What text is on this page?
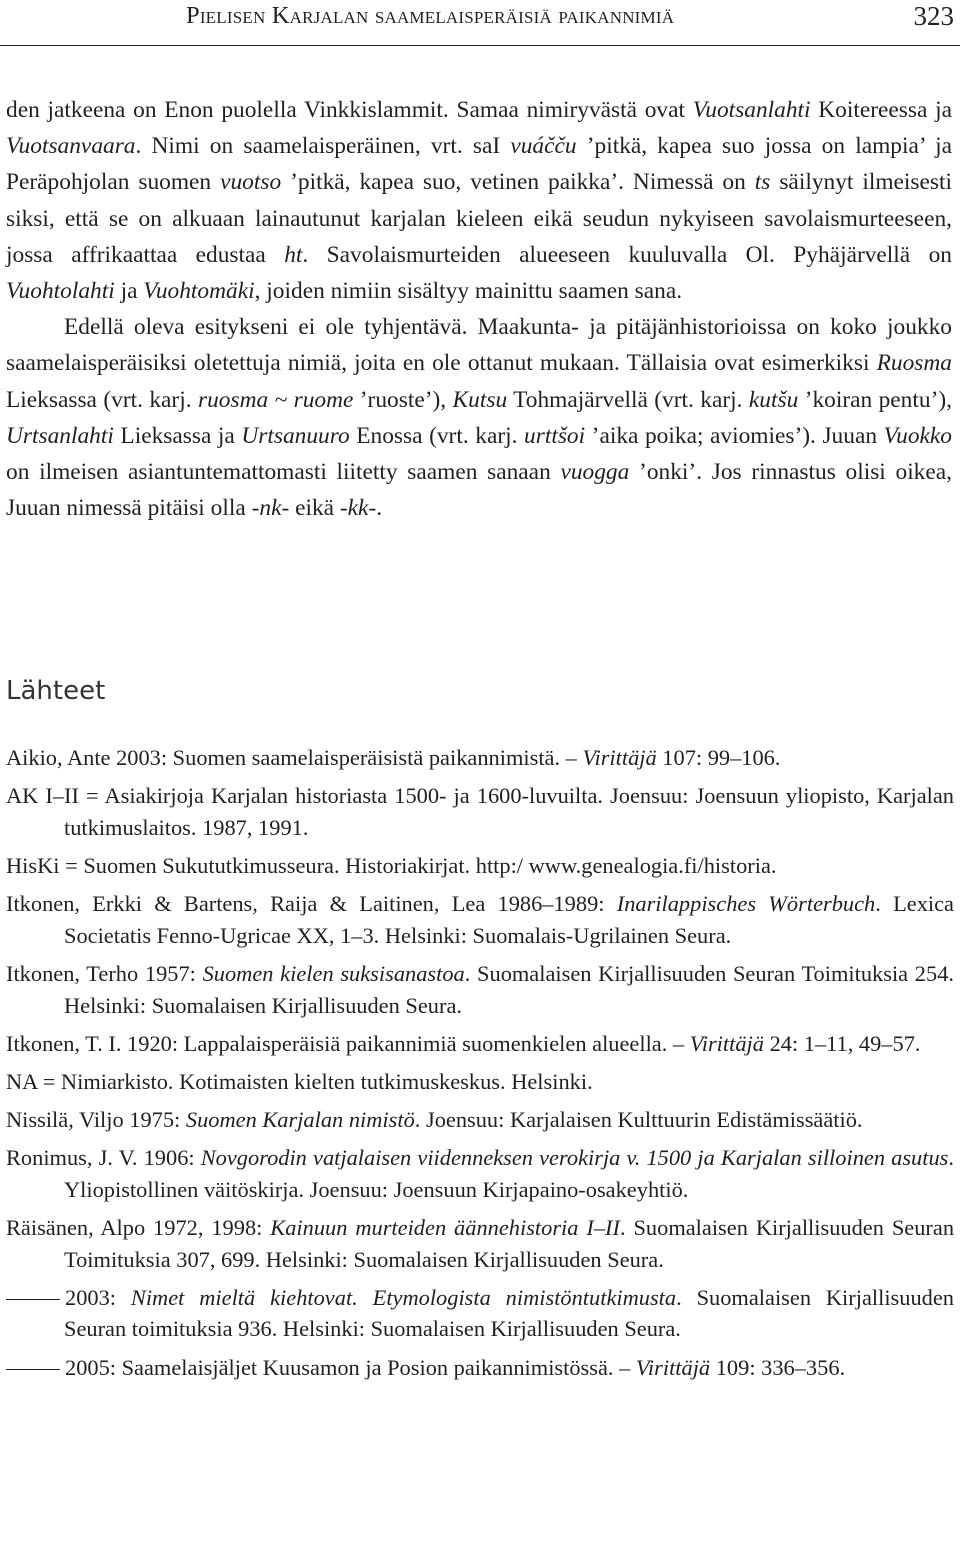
Pielisen Karjalan saamelaisperäisiä paikannimiä	323

den jatkeena on Enon puolella Vinkkislammit. Samaa nimiryvästä ovat Vuotsanlahti Koitereessa ja Vuotsanvaara. Nimi on saamelaisperäinen, vrt. saI vuáčču ’pitkä, kapea suo jossa on lampia’ ja Peräpohjolan suomen vuotso ’pitkä, kapea suo, vetinen paikka’. Nimessä on ts säilynyt ilmeisesti siksi, että se on alkuaan lainautunut karjalan kieleen eikä seudun nykyiseen savolaismurteeseen, jossa affrikaattaa edustaa ht. Savolaismurteiden alueeseen kuuluvalla Ol. Pyhäjärvellä on Vuohtolahti ja Vuohtomäki, joiden nimiin sisältyy mainittu saamen sana.

Edellä oleva esitykseni ei ole tyhjentävä. Maakunta- ja pitäjänhistorioissa on koko joukko saamelaisperäisiksi oletettuja nimiä, joita en ole ottanut mukaan. Tällaisia ovat esimerkiksi Ruosma Lieksassa (vrt. karj. ruosma ~ ruome ’ruoste’), Kutsu Tohmajärvellä (vrt. karj. kutšu ’koiran pentu’), Urtsanlahti Lieksassa ja Urtsanuuro Enossa (vrt. karj. urttšoi ’aika poika; aviomies’). Juuan Vuokko on ilmeisen asiantuntemattomasti liitetty saamen sanaan vuogga ’onki’. Jos rinnastus olisi oikea, Juuan nimessä pitäisi olla -nk- eikä -kk-.

Lähteet
Aikio, Ante 2003: Suomen saamelaisperäisistä paikannimistä. – Virittäjä 107: 99–106.
AK I–II = Asiakirjoja Karjalan historiasta 1500- ja 1600-luvuilta. Joensuu: Joensuun yliopisto, Karjalan tutkimuslaitos. 1987, 1991.
HisKi = Suomen Sukututkimusseura. Historiakirjat. http:/ www.genealogia.fi/historia.
Itkonen, Erkki & Bartens, Raija & Laitinen, Lea 1986–1989: Inarilappisches Wörterbuch. Lexica Societatis Fenno-Ugricae XX, 1–3. Helsinki: Suomalais-Ugrilainen Seura.
Itkonen, Terho 1957: Suomen kielen suksisanastoa. Suomalaisen Kirjallisuuden Seuran Toimituksia 254. Helsinki: Suomalaisen Kirjallisuuden Seura.
Itkonen, T. I. 1920: Lappalaisperäisiä paikannimiä suomenkielen alueella. – Virittäjä 24: 1–11, 49–57.
NA = Nimiarkisto. Kotimaisten kielten tutkimuskeskus. Helsinki.
Nissilä, Viljo 1975: Suomen Karjalan nimistö. Joensuu: Karjalaisen Kulttuurin Edistämissäätiö.
Ronimus, J. V. 1906: Novgorodin vatjalaisen viidenneksen verokirja v. 1500 ja Karjalan silloinen asutus. Yliopistollinen väitöskirja. Joensuu: Joensuun Kirjapaino-osakeyhtiö.
Räisänen, Alpo 1972, 1998: Kainuun murteiden äännehistoria I–II. Suomalaisen Kirjallisuuden Seuran Toimituksia 307, 699. Helsinki: Suomalaisen Kirjallisuuden Seura.
2003: Nimet mieltä kiehtovat. Etymologista nimistöntutkimusta. Suomalaisen Kirjallisuuden Seuran toimituksia 936. Helsinki: Suomalaisen Kirjallisuuden Seura.
2005: Saamelaisjäljet Kuusamon ja Posion paikannimistössä. – Virittäjä 109: 336–356.
